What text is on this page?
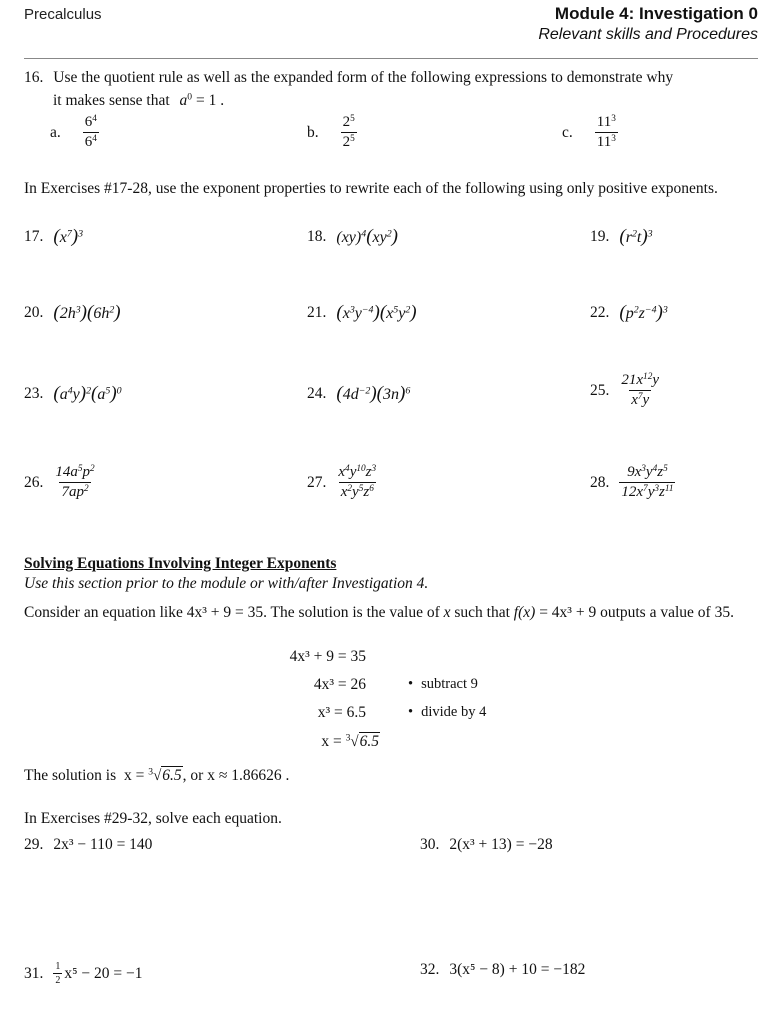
Precalculus	Module 4: Investigation 0
Relevant skills and Procedures
16. Use the quotient rule as well as the expanded form of the following expressions to demonstrate why
it makes sense that $a^0 = 1$ .
a. $\frac{6^4}{6^4}$	b. $\frac{2^5}{2^5}$	c. $\frac{11^3}{11^3}$
In Exercises #17-28, use the exponent properties to rewrite each of the following using only positive exponents.
17. $(x^7)^3$	18. $(xy)^4(xy^2)$	19. $(r^2t)^3$
20. $(2h^3)(6h^2)$	21. $(x^3y^{-4})(x^5y^2)$	22. $(p^2z^{-4})^3$
23. $(a^4y)^2(a^5)^0$	24. $(4d^{-2})(3n)^6$	25. $\frac{21x^{12}y}{x^7y}$
26. $\frac{14a^5p^2}{7ap^2}$	27. $\frac{x^4y^{10}z^3}{x^2y^5z^6}$	28. $\frac{9x^3y^4z^5}{12x^7y^3z^{11}}$
Solving Equations Involving Integer Exponents
Use this section prior to the module or with/after Investigation 4.
Consider an equation like 4x³ + 9 = 35. The solution is the value of x such that f(x) = 4x³ + 9 outputs a value of 35.
4x³ + 9 = 35
4x³ = 26	• subtract 9
x³ = 6.5	• divide by 4
x = $^3$√6.5
The solution is x = $^3$√6.5, or x ≈ 1.86626 .
In Exercises #29-32, solve each equation.
29. 2x³ − 110 = 140	30. 2(x³ + 13) = −28
31. $\frac{1}{2} x^5 - 20 = -1$	32. 3(x⁵ − 8) + 10 = −182
